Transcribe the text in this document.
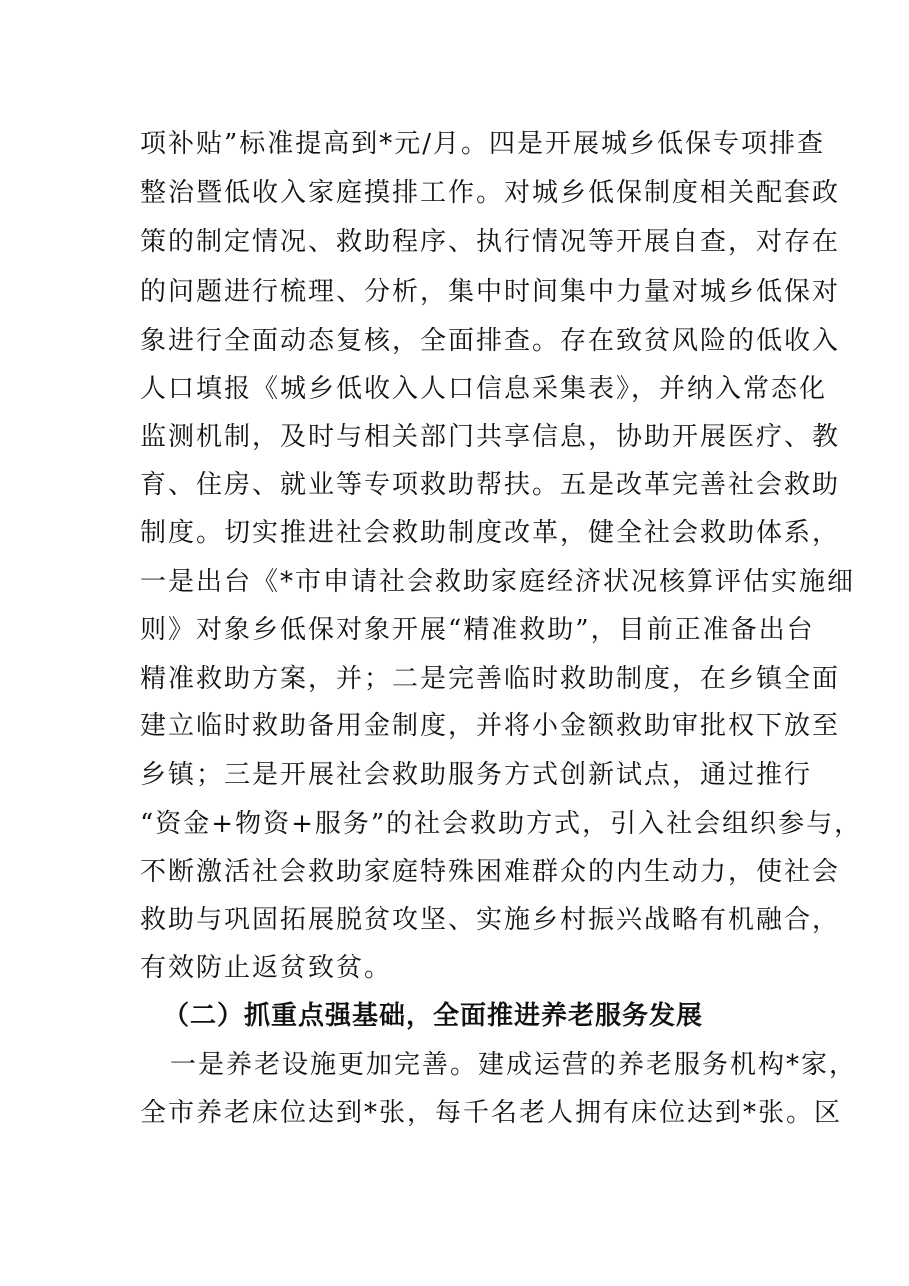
项补贴”标准提高到*元/月。四是开展城乡低保专项排查
整治暨低收入家庭摸排工作。对城乡低保制度相关配套政
策的制定情况、救助程序、执行情况等开展自查，对存在
的问题进行梳理、分析，集中时间集中力量对城乡低保对
象进行全面动态复核，全面排查。存在致贫风险的低收入
人口填报《城乡低收入人口信息采集表》，并纳入常态化
监测机制，及时与相关部门共享信息，协助开展医疗、教
育、住房、就业等专项救助帮扶。五是改革完善社会救助
制度。切实推进社会救助制度改革，健全社会救助体系，
一是出台《*市申请社会救助家庭经济状况核算评估实施细
则》对象乡低保对象开展“精准救助”，目前正准备出台
精准救助方案，并；二是完善临时救助制度，在乡镇全面
建立临时救助备用金制度，并将小金额救助审批权下放至
乡镇；三是开展社会救助服务方式创新试点，通过推行
“资金+物资+服务”的社会救助方式，引入社会组织参与，
不断激活社会救助家庭特殊困难群众的内生动力，使社会
救助与巩固拓展脱贫攻坚、实施乡村振兴战略有机融合，
有效防止返贫致贫。
（二）抓重点强基础，全面推进养老服务发展
　一是养老设施更加完善。建成运营的养老服务机构*家，
全市养老床位达到*张，每千名老人拥有床位达到*张。区
